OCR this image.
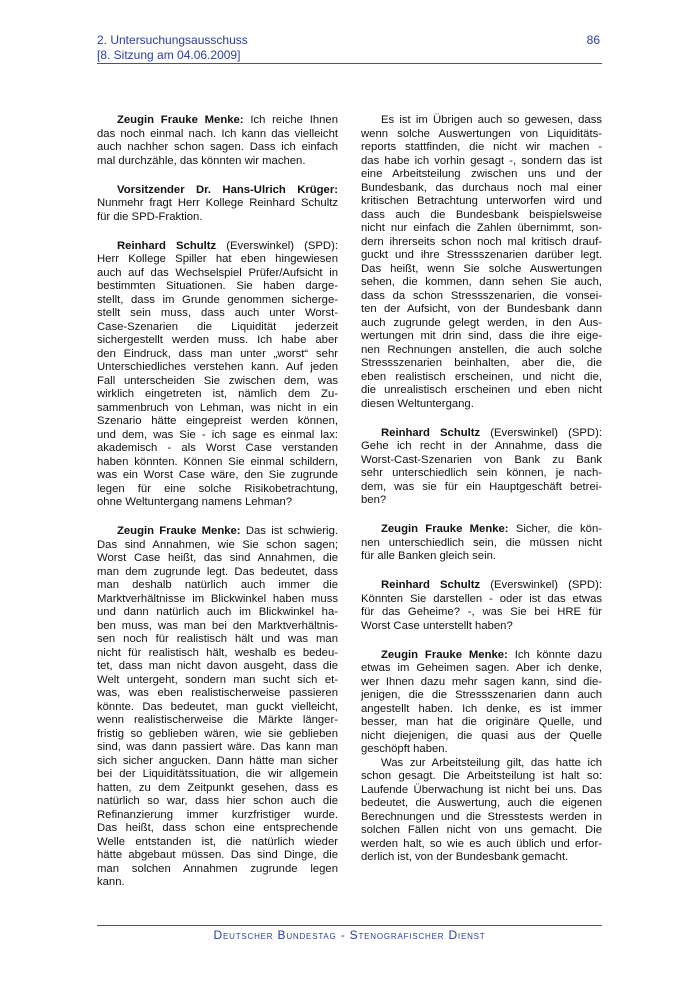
2. Untersuchungsausschuss
[8. Sitzung am 04.06.2009]
86
Zeugin Frauke Menke: Ich reiche Ihnen
das noch einmal nach. Ich kann das vielleicht
auch nachher schon sagen. Dass ich einfach
mal durchzähle, das könnten wir machen.
Vorsitzender Dr. Hans-Ulrich Krüger:
Nunmehr fragt Herr Kollege Reinhard Schultz
für die SPD-Fraktion.
Reinhard Schultz (Everswinkel) (SPD):
Herr Kollege Spiller hat eben hingewiesen
auch auf das Wechselspiel Prüfer/Aufsicht in
bestimmten Situationen. Sie haben darge-
stellt, dass im Grunde genommen sicherge-
stellt sein muss, dass auch unter Worst-
Case-Szenarien die Liquidität jederzeit
sichergestellt werden muss. Ich habe aber
den Eindruck, dass man unter „worst“ sehr
Unterschiedliches verstehen kann. Auf jeden
Fall unterscheiden Sie zwischen dem, was
wirklich eingetreten ist, nämlich dem Zu-
sammenbruch von Lehman, was nicht in ein
Szenario hätte eingepreist werden können,
und dem, was Sie - ich sage es einmal lax:
akademisch - als Worst Case verstanden
haben könnten. Können Sie einmal schildern,
was ein Worst Case wäre, den Sie zugrunde
legen für eine solche Risikobetrachtung,
ohne Weltuntergang namens Lehman?
Zeugin Frauke Menke: Das ist schwierig.
Das sind Annahmen, wie Sie schon sagen;
Worst Case heißt, das sind Annahmen, die
man dem zugrunde legt. Das bedeutet, dass
man deshalb natürlich auch immer die
Marktverhältnisse im Blickwinkel haben muss
und dann natürlich auch im Blickwinkel ha-
ben muss, was man bei den Marktverhältnis-
sen noch für realistisch hält und was man
nicht für realistisch hält, weshalb es bedeu-
tet, dass man nicht davon ausgeht, dass die
Welt untergeht, sondern man sucht sich et-
was, was eben realistischerweise passieren
könnte. Das bedeutet, man guckt vielleicht,
wenn realistischerweise die Märkte länger-
fristig so geblieben wären, wie sie geblieben
sind, was dann passiert wäre. Das kann man
sich sicher angucken. Dann hätte man sicher
bei der Liquiditätssituation, die wir allgemein
hatten, zu dem Zeitpunkt gesehen, dass es
natürlich so war, dass hier schon auch die
Refinanzierung immer kurzfristiger wurde.
Das heißt, dass schon eine entsprechende
Welle entstanden ist, die natürlich wieder
hätte abgebaut müssen. Das sind Dinge, die
man solchen Annahmen zugrunde legen
kann.
Es ist im Übrigen auch so gewesen, dass
wenn solche Auswertungen von Liquiditäts-
reports stattfinden, die nicht wir machen -
das habe ich vorhin gesagt -, sondern das ist
eine Arbeitsteilung zwischen uns und der
Bundesbank, das durchaus noch mal einer
kritischen Betrachtung unterworfen wird und
dass auch die Bundesbank beispielsweise
nicht nur einfach die Zahlen übernimmt, son-
dern ihrerseits schon noch mal kritisch drauf-
guckt und ihre Stressszenarien darüber legt.
Das heißt, wenn Sie solche Auswertungen
sehen, die kommen, dann sehen Sie auch,
dass da schon Stressszenarien, die vonsei-
ten der Aufsicht, von der Bundesbank dann
auch zugrunde gelegt werden, in den Aus-
wertungen mit drin sind, dass die ihre eige-
nen Rechnungen anstellen, die auch solche
Stressszenarien beinhalten, aber die, die
eben realistisch erscheinen, und nicht die,
die unrealistisch erscheinen und eben nicht
diesen Weltuntergang.
Reinhard Schultz (Everswinkel) (SPD):
Gehe ich recht in der Annahme, dass die
Worst-Cast-Szenarien von Bank zu Bank
sehr unterschiedlich sein können, je nach-
dem, was sie für ein Hauptgeschäft betrei-
ben?
Zeugin Frauke Menke: Sicher, die kön-
nen unterschiedlich sein, die müssen nicht
für alle Banken gleich sein.
Reinhard Schultz (Everswinkel) (SPD):
Könnten Sie darstellen - oder ist das etwas
für das Geheime? -, was Sie bei HRE für
Worst Case unterstellt haben?
Zeugin Frauke Menke: Ich könnte dazu
etwas im Geheimen sagen. Aber ich denke,
wer Ihnen dazu mehr sagen kann, sind die-
jenigen, die die Stressszenarien dann auch
angestellt haben. Ich denke, es ist immer
besser, man hat die originäre Quelle, und
nicht diejenigen, die quasi aus der Quelle
geschöpft haben.
Was zur Arbeitsteilung gilt, das hatte ich
schon gesagt. Die Arbeitsteilung ist halt so:
Laufende Überwachung ist nicht bei uns. Das
bedeutet, die Auswertung, auch die eigenen
Berechnungen und die Stresstests werden in
solchen Fällen nicht von uns gemacht. Die
werden halt, so wie es auch üblich und erfor-
derlich ist, von der Bundesbank gemacht.
Deutscher Bundestag - Stenografischer Dienst
